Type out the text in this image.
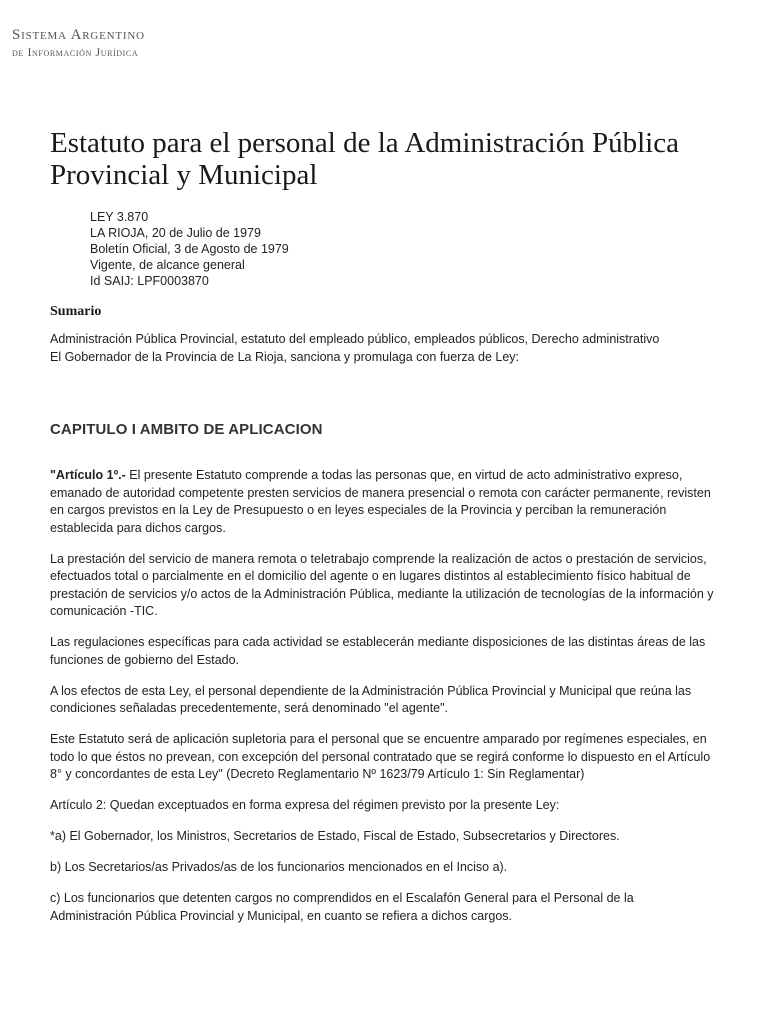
Sistema Argentino
de Información Jurídica
Estatuto para el personal de la Administración Pública Provincial y Municipal
LEY 3.870
LA RIOJA, 20 de Julio de 1979
Boletín Oficial, 3 de Agosto de 1979
Vigente, de alcance general
Id SAIJ: LPF0003870
Sumario
Administración Pública Provincial, estatuto del empleado público, empleados públicos, Derecho administrativo
El Gobernador de la Provincia de La Rioja, sanciona y promulaga con fuerza de Ley:
CAPITULO I AMBITO DE APLICACION

"Artículo 1º.- El presente Estatuto comprende a todas las personas que, en virtud de acto administrativo expreso, emanado de autoridad competente presten servicios de manera presencial o remota con carácter permanente, revisten en cargos previstos en la Ley de Presupuesto o en leyes especiales de la Provincia y perciban la remuneración establecida para dichos cargos.

La prestación del servicio de manera remota o teletrabajo comprende la realización de actos o prestación de servicios, efectuados total o parcialmente en el domicilio del agente o en lugares distintos al establecimiento físico habitual de prestación de servicios y/o actos de la Administración Pública, mediante la utilización de tecnologías de la información y comunicación -TIC.

Las regulaciones específicas para cada actividad se establecerán mediante disposiciones de las distintas áreas de las funciones de gobierno del Estado.

A los efectos de esta Ley, el personal dependiente de la Administración Pública Provincial y Municipal que reúna las condiciones señaladas precedentemente, será denominado "el agente".

Este Estatuto será de aplicación supletoria para el personal que se encuentre amparado por regímenes especiales, en todo lo que éstos no prevean, con excepción del personal contratado que se regirá conforme lo dispuesto en el Artículo 8° y concordantes de esta Ley" (Decreto Reglamentario Nº 1623/79 Artículo 1: Sin Reglamentar)

Artículo 2: Quedan exceptuados en forma expresa del régimen previsto por la presente Ley:

*a) El Gobernador, los Ministros, Secretarios de Estado, Fiscal de Estado, Subsecretarios y Directores.

b) Los Secretarios/as Privados/as de los funcionarios mencionados en el Inciso a).

c) Los funcionarios que detenten cargos no comprendidos en el Escalafón General para el Personal de la Administración Pública Provincial y Municipal, en cuanto se refiera a dichos cargos.
